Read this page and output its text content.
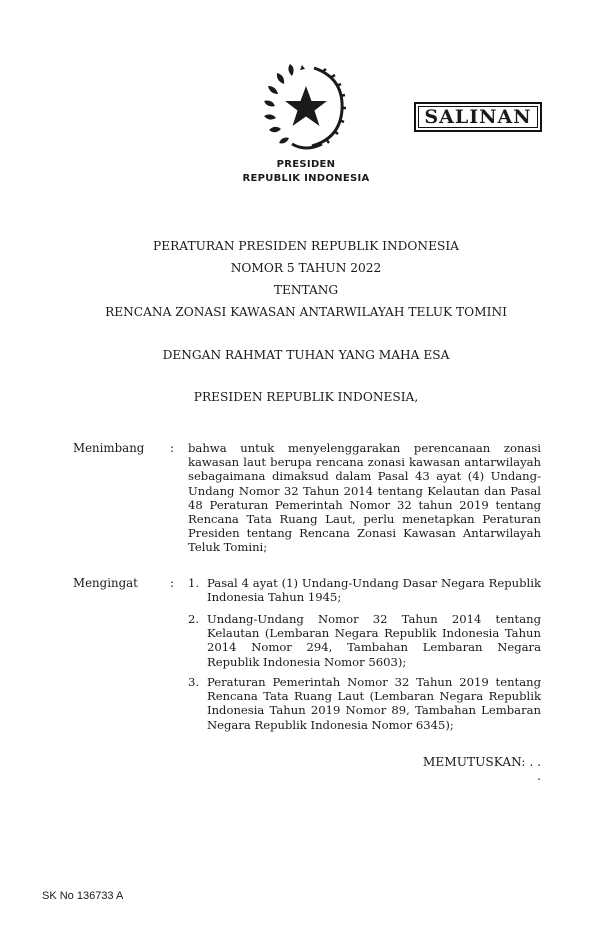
SALINAN
PRESIDEN
REPUBLIK INDONESIA
PERATURAN PRESIDEN REPUBLIK INDONESIA
NOMOR 5 TAHUN 2022
TENTANG
RENCANA ZONASI KAWASAN ANTARWILAYAH TELUK TOMINI
DENGAN RAHMAT TUHAN YANG MAHA ESA
PRESIDEN REPUBLIK INDONESIA,
Menimbang : bahwa untuk menyelenggarakan perencanaan zonasi kawasan laut berupa rencana zonasi kawasan antarwilayah sebagaimana dimaksud dalam Pasal 43 ayat (4) Undang-Undang Nomor 32 Tahun 2014 tentang Kelautan dan Pasal 48 Peraturan Pemerintah Nomor 32 tahun 2019 tentang Rencana Tata Ruang Laut, perlu menetapkan Peraturan Presiden tentang Rencana Zonasi Kawasan Antarwilayah Teluk Tomini;
Mengingat	: 1. Pasal 4 ayat (1) Undang-Undang Dasar Negara Republik Indonesia Tahun 1945;
2. Undang-Undang Nomor 32 Tahun 2014 tentang Kelautan (Lembaran Negara Republik Indonesia Tahun 2014 Nomor 294, Tambahan Lembaran Negara Republik Indonesia Nomor 5603);
3. Peraturan Pemerintah Nomor 32 Tahun 2019 tentang Rencana Tata Ruang Laut (Lembaran Negara Republik Indonesia Tahun 2019 Nomor 89, Tambahan Lembaran Negara Republik Indonesia Nomor 6345);
MEMUTUSKAN: . . .
SK No 136733 A
